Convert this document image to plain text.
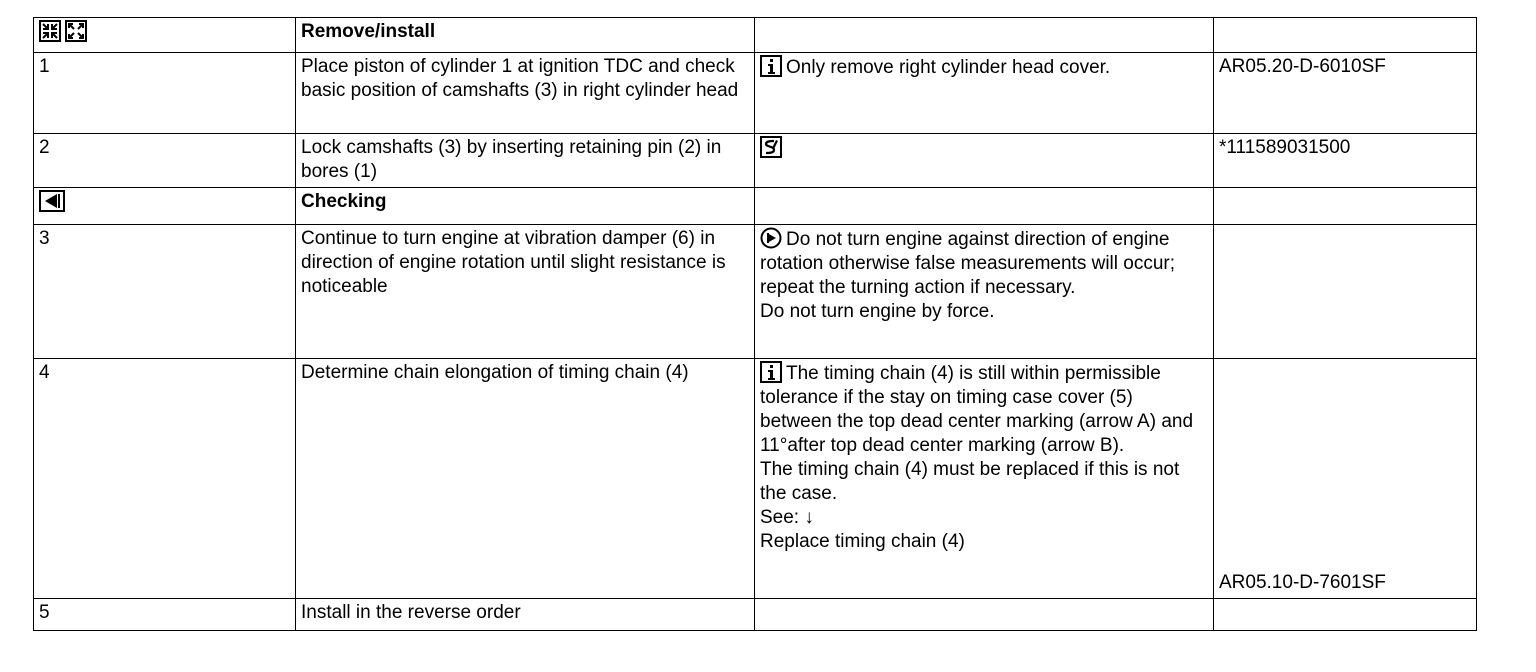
	Remove/install		
1	Place piston of cylinder 1 at ignition TDC and check basic position of camshafts (3) in right cylinder head	Only remove right cylinder head cover.	AR05.20-D-6010SF
2	Lock camshafts (3) by inserting retaining pin (2) in bores (1)		*111589031500

	Checking		
3	Continue to turn engine at vibration damper (6) in direction of engine rotation until slight resistance is noticeable	Do not turn engine against direction of engine rotation otherwise false measurements will occur; repeat the turning action if necessary.
Do not turn engine by force.	

4	Determine chain elongation of timing chain (4)	The timing chain (4) is still within permissible tolerance if the stay on timing case cover (5) between the top dead center marking (arrow A) and 11°after top dead center marking (arrow B).
The timing chain (4) must be replaced if this is not the case.
See: ↓
Replace timing chain (4)	AR05.10-D-7601SF

5	Install in the reverse order		
